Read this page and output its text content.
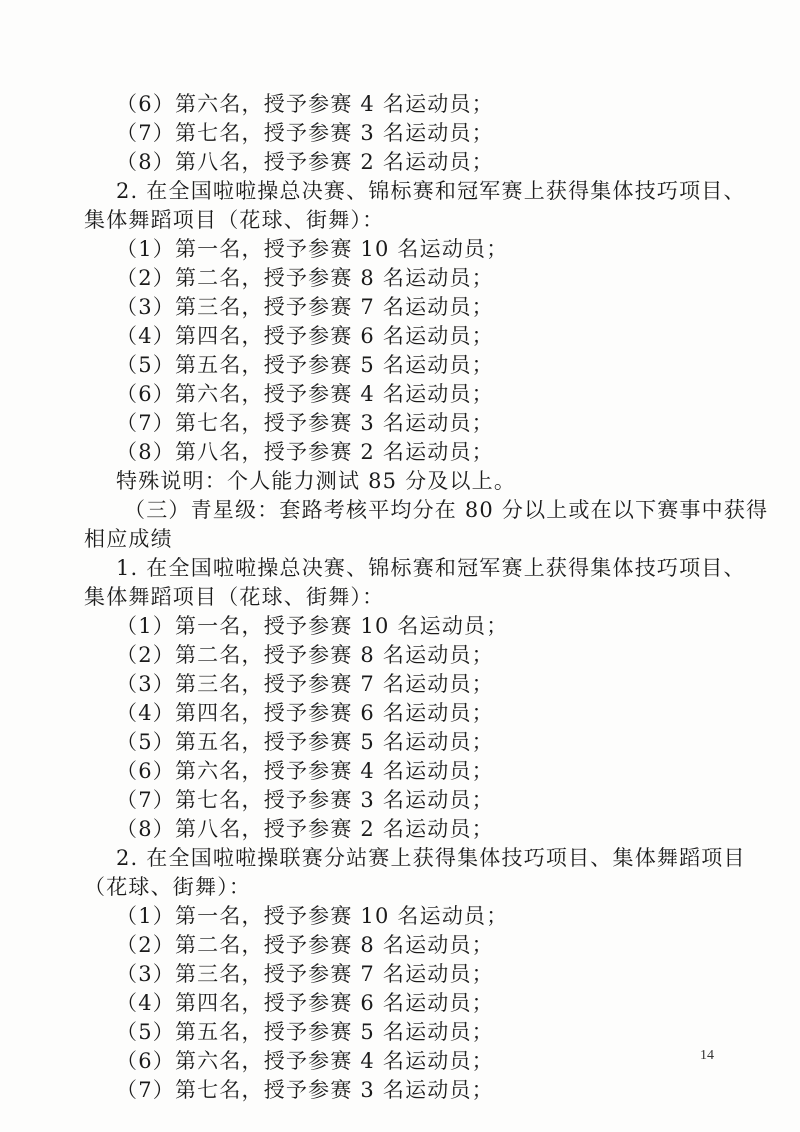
（6）第六名，授予参赛 4 名运动员；
（7）第七名，授予参赛 3 名运动员；
（8）第八名，授予参赛 2 名运动员；
2. 在全国啦啦操总决赛、锦标赛和冠军赛上获得集体技巧项目、
集体舞蹈项目（花球、街舞）：
（1）第一名，授予参赛 10 名运动员；
（2）第二名，授予参赛 8 名运动员；
（3）第三名，授予参赛 7 名运动员；
（4）第四名，授予参赛 6 名运动员；
（5）第五名，授予参赛 5 名运动员；
（6）第六名，授予参赛 4 名运动员；
（7）第七名，授予参赛 3 名运动员；
（8）第八名，授予参赛 2 名运动员；
特殊说明：个人能力测试 85 分及以上。
（三）青星级：套路考核平均分在 80 分以上或在以下赛事中获得
相应成绩
1. 在全国啦啦操总决赛、锦标赛和冠军赛上获得集体技巧项目、
集体舞蹈项目（花球、街舞）：
（1）第一名，授予参赛 10 名运动员；
（2）第二名，授予参赛 8 名运动员；
（3）第三名，授予参赛 7 名运动员；
（4）第四名，授予参赛 6 名运动员；
（5）第五名，授予参赛 5 名运动员；
（6）第六名，授予参赛 4 名运动员；
（7）第七名，授予参赛 3 名运动员；
（8）第八名，授予参赛 2 名运动员；
2. 在全国啦啦操联赛分站赛上获得集体技巧项目、集体舞蹈项目
（花球、街舞）：
（1）第一名，授予参赛 10 名运动员；
（2）第二名，授予参赛 8 名运动员；
（3）第三名，授予参赛 7 名运动员；
（4）第四名，授予参赛 6 名运动员；
（5）第五名，授予参赛 5 名运动员；
（6）第六名，授予参赛 4 名运动员；
（7）第七名，授予参赛 3 名运动员；
14
